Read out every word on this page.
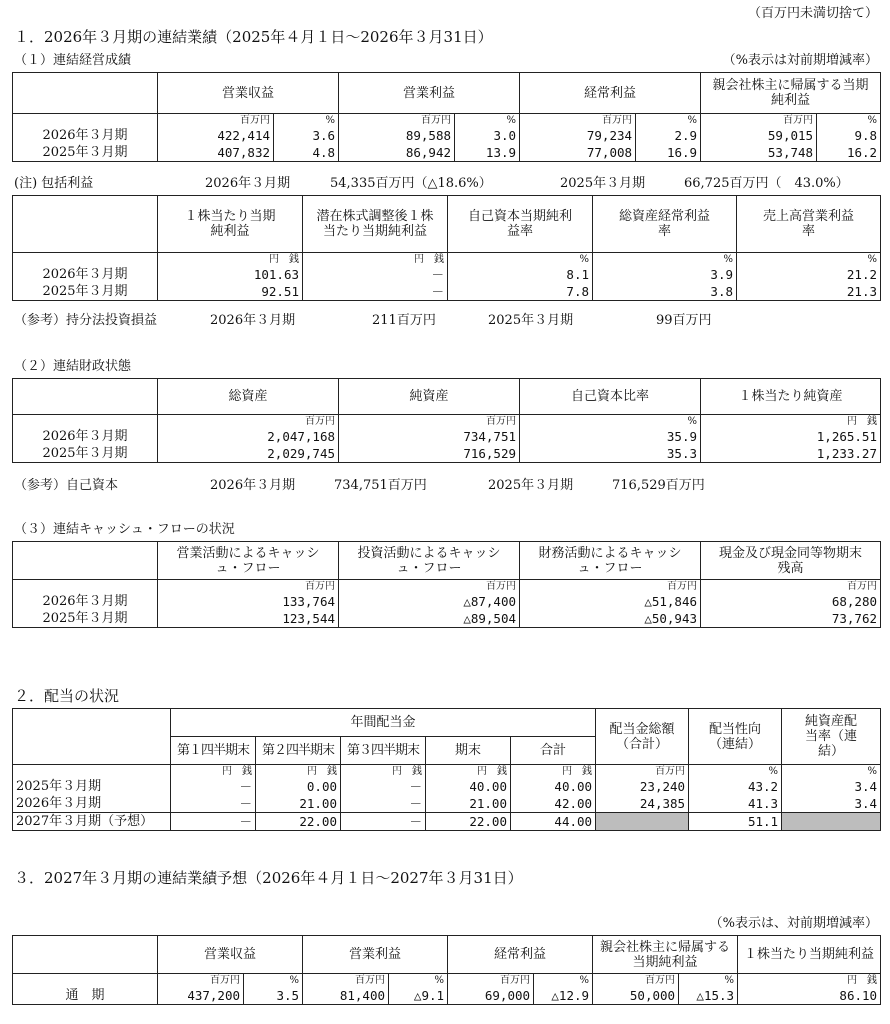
（百万円未満切捨て）
１．2026年３月期の連結業績（2025年４月１日～2026年３月31日）
（１）連結経営成績	（%表示は対前期増減率）
	営業収益		営業利益		経常利益		親会社株主に帰属する当期純利益	
	百万円	%	百万円	%	百万円	%	百万円	%
2026年３月期	422,414	3.6	89,588	3.0	79,234	2.9	59,015	9.8
2025年３月期	407,832	4.8	86,942	13.9	77,008	16.9	53,748	16.2
(注) 包括利益	2026年３月期	54,335百万円（△18.6%）	2025年３月期	66,725百万円（　43.0%）
	１株当たり当期純利益	潜在株式調整後１株当たり当期純利益	自己資本当期純利益率	総資産経常利益率	売上高営業利益率
	円　銭	円　銭	%	%	%
2026年３月期	101.63	－	8.1	3.9	21.2
2025年３月期	92.51	－	7.8	3.8	21.3
（参考）持分法投資損益	2026年３月期	211百万円	2025年３月期	99百万円
（２）連結財政状態
	総資産	純資産	自己資本比率	１株当たり純資産
	百万円	百万円	%	円　銭
2026年３月期	2,047,168	734,751	35.9	1,265.51
2025年３月期	2,029,745	716,529	35.3	1,233.27
（参考）自己資本	2026年３月期	734,751百万円	2025年３月期	716,529百万円
（３）連結キャッシュ・フローの状況
	営業活動によるキャッシュ・フロー	投資活動によるキャッシュ・フロー	財務活動によるキャッシュ・フロー	現金及び現金同等物期末残高
	百万円	百万円	百万円	百万円
2026年３月期	133,764	△87,400	△51,846	68,280
2025年３月期	123,544	△89,504	△50,943	73,762
２．配当の状況
	年間配当金					配当金総額（合計）	配当性向（連結）	純資産配当率（連結）
	第１四半期末	第２四半期末	第３四半期末	期末	合計			
	円　銭	円　銭	円　銭	円　銭	円　銭	百万円	%	%
2025年３月期	－	0.00	－	40.00	40.00	23,240	43.2	3.4
2026年３月期	－	21.00	－	21.00	42.00	24,385	41.3	3.4
2027年３月期（予想）	－	22.00	－	22.00	44.00		51.1	
３．2027年３月期の連結業績予想（2026年４月１日～2027年３月31日）
（%表示は、対前期増減率）
	営業収益		営業利益		経常利益		親会社株主に帰属する当期純利益		１株当たり当期純利益
	百万円	%	百万円	%	百万円	%	百万円	%	円　銭
通　期	437,200	3.5	81,400	△9.1	69,000	△12.9	50,000	△15.3	86.10
